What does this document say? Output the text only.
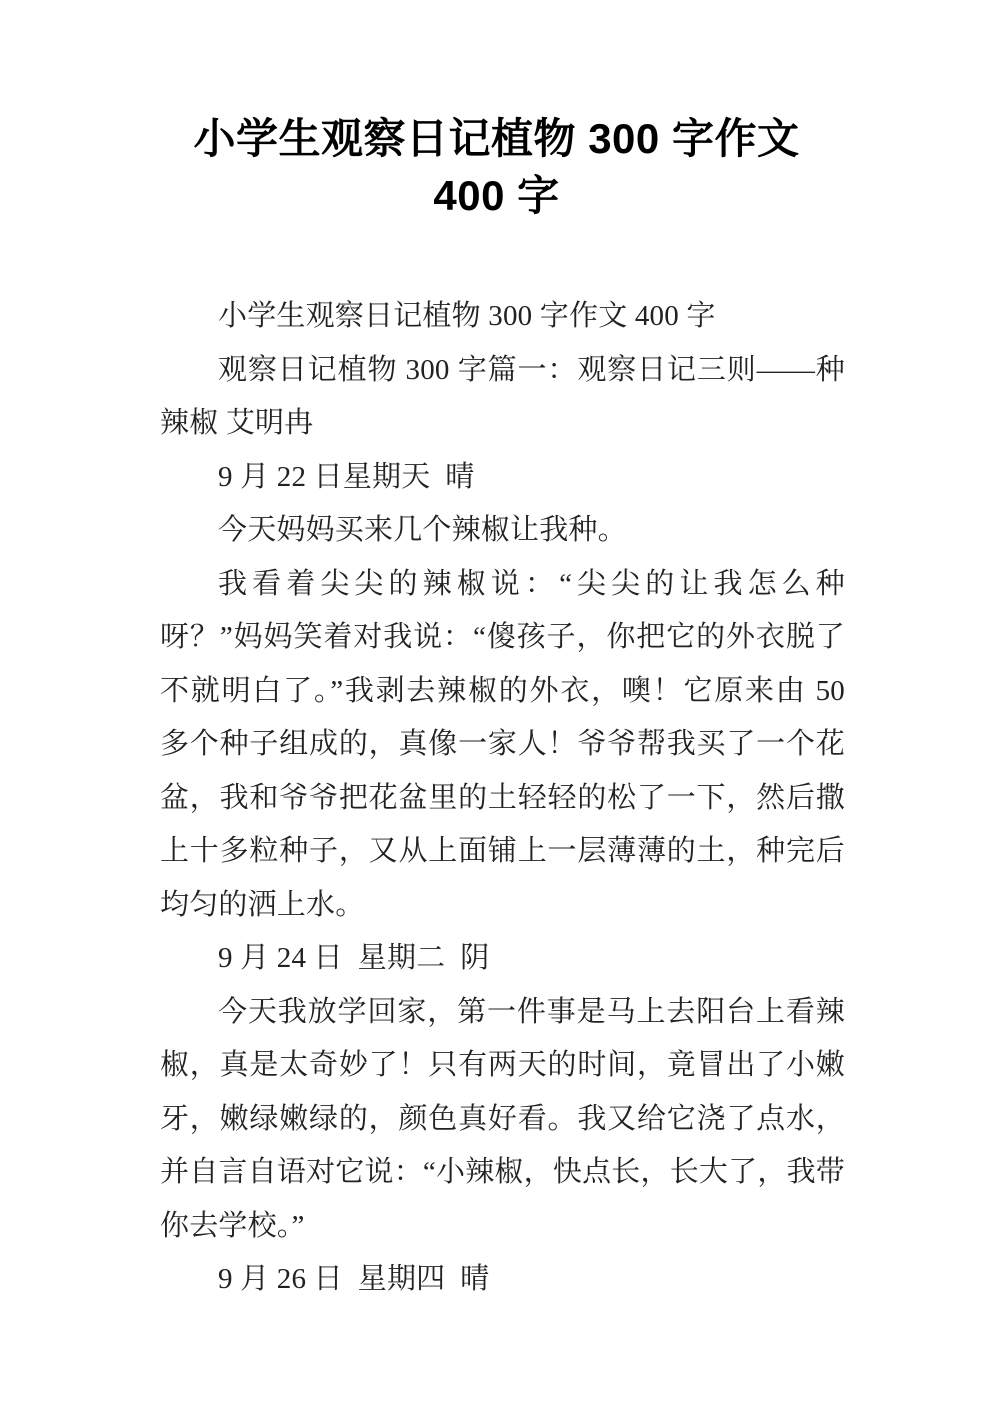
小学生观察日记植物 300 字作文 400 字

小学生观察日记植物 300 字作文 400 字

观察日记植物 300 字篇一：观察日记三则——种辣椒 艾明冉

9 月 22 日星期天  晴

今天妈妈买来几个辣椒让我种。

我看着尖尖的辣椒说：“尖尖的让我怎么种呀？”妈妈笑着对我说：“傻孩子，你把它的外衣脱了不就明白了。”我剥去辣椒的外衣，噢！它原来由 50 多个种子组成的，真像一家人！爷爷帮我买了一个花盆，我和爷爷把花盆里的土轻轻的松了一下，然后撒上十多粒种子，又从上面铺上一层薄薄的土，种完后均匀的洒上水。

9 月 24 日  星期二  阴

今天我放学回家，第一件事是马上去阳台上看辣椒，真是太奇妙了！只有两天的时间，竟冒出了小嫩牙，嫩绿嫩绿的，颜色真好看。我又给它浇了点水，并自言自语对它说：“小辣椒，快点长，长大了，我带你去学校。”

9 月 26 日  星期四  晴
